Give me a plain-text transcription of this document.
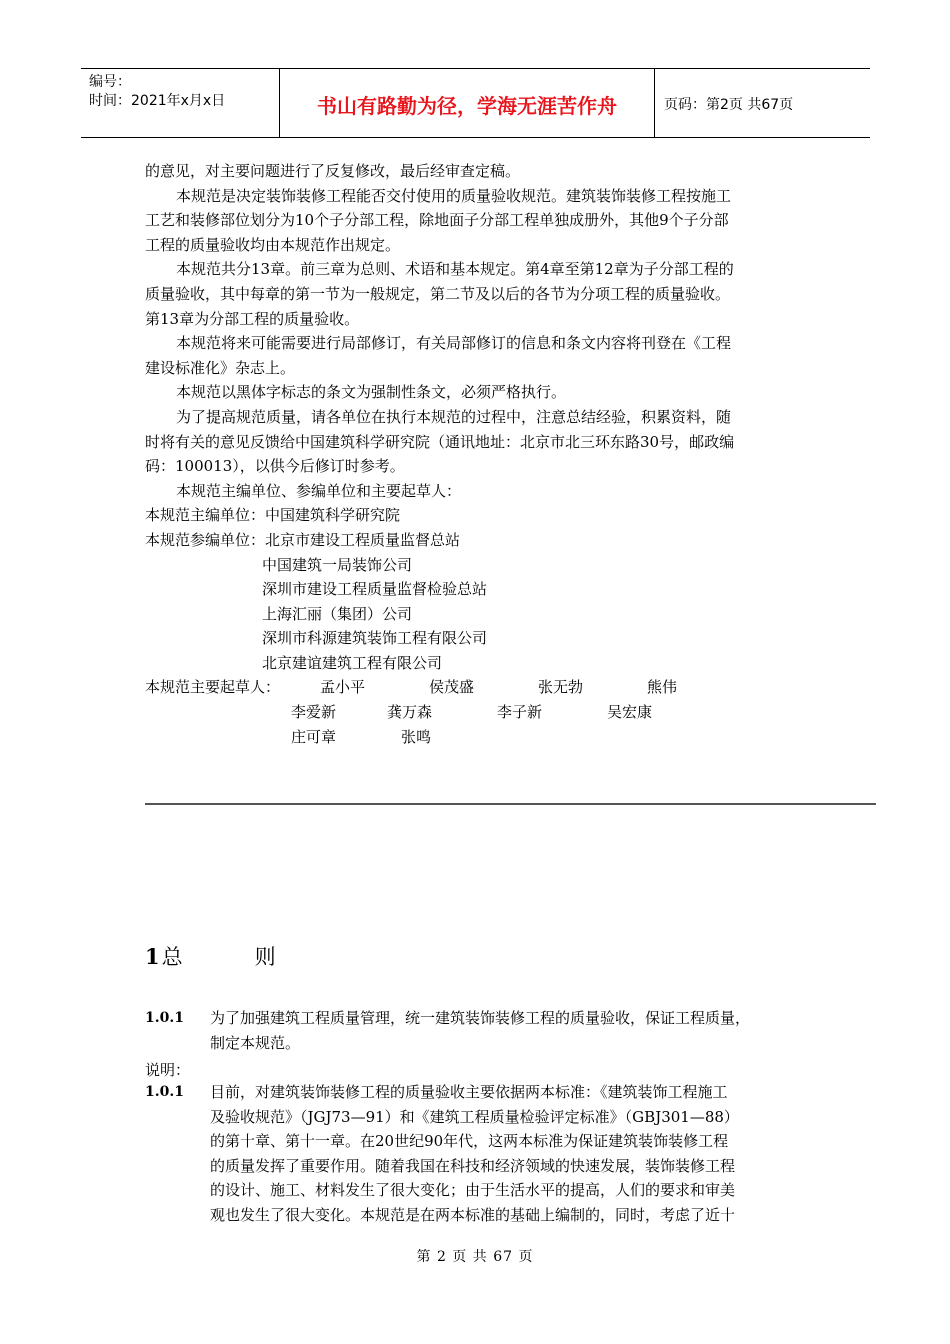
编号：
时间：2021年x月x日	书山有路勤为径，学海无涯苦作舟	页码：第2页 共67页

的意见，对主要问题进行了反复修改，最后经审查定稿。

本规范是决定装饰装修工程能否交付使用的质量验收规范。建筑装饰装修工程按施工

工艺和装修部位划分为10个子分部工程，除地面子分部工程单独成册外，其他9个子分部

工程的质量验收均由本规范作出规定。

本规范共分13章。前三章为总则、术语和基本规定。第4章至第12章为子分部工程的

质量验收，其中每章的第一节为一般规定，第二节及以后的各节为分项工程的质量验收。

第13章为分部工程的质量验收。

本规范将来可能需要进行局部修订，有关局部修订的信息和条文内容将刊登在《工程

建设标准化》杂志上。

本规范以黑体字标志的条文为强制性条文，必须严格执行。

为了提高规范质量，请各单位在执行本规范的过程中，注意总结经验，积累资料，随

时将有关的意见反馈给中国建筑科学研究院（通讯地址：北京市北三环东路30号，邮政编

码：100013），以供今后修订时参考。

本规范主编单位、参编单位和主要起草人：

本规范主编单位：中国建筑科学研究院

本规范参编单位：北京市建设工程质量监督总站

中国建筑一局装饰公司

深圳市建设工程质量监督检验总站

上海汇丽（集团）公司

深圳市科源建筑装饰工程有限公司

北京建谊建筑工程有限公司

本规范主要起草人：	孟小平	侯茂盛	张无勃	熊伟
李爱新	龚万森	李子新	吴宏康
庄可章	张鸣
1总	则
1.0.1 为了加强建筑工程质量管理，统一建筑装饰装修工程的质量验收，保证工程质量，

制定本规范。

说明：
1.0.1 目前，对建筑装饰装修工程的质量验收主要依据两本标准：《建筑装饰工程施工

及验收规范》（JGJ73—91）和《建筑工程质量检验评定标准》（GBJ301—88）

的第十章、第十一章。在20世纪90年代，这两本标准为保证建筑装饰装修工程

的质量发挥了重要作用。随着我国在科技和经济领域的快速发展，装饰装修工程

的设计、施工、材料发生了很大变化；由于生活水平的提高，人们的要求和审美

观也发生了很大变化。本规范是在两本标准的基础上编制的，同时，考虑了近十

第 2 页 共 67 页
